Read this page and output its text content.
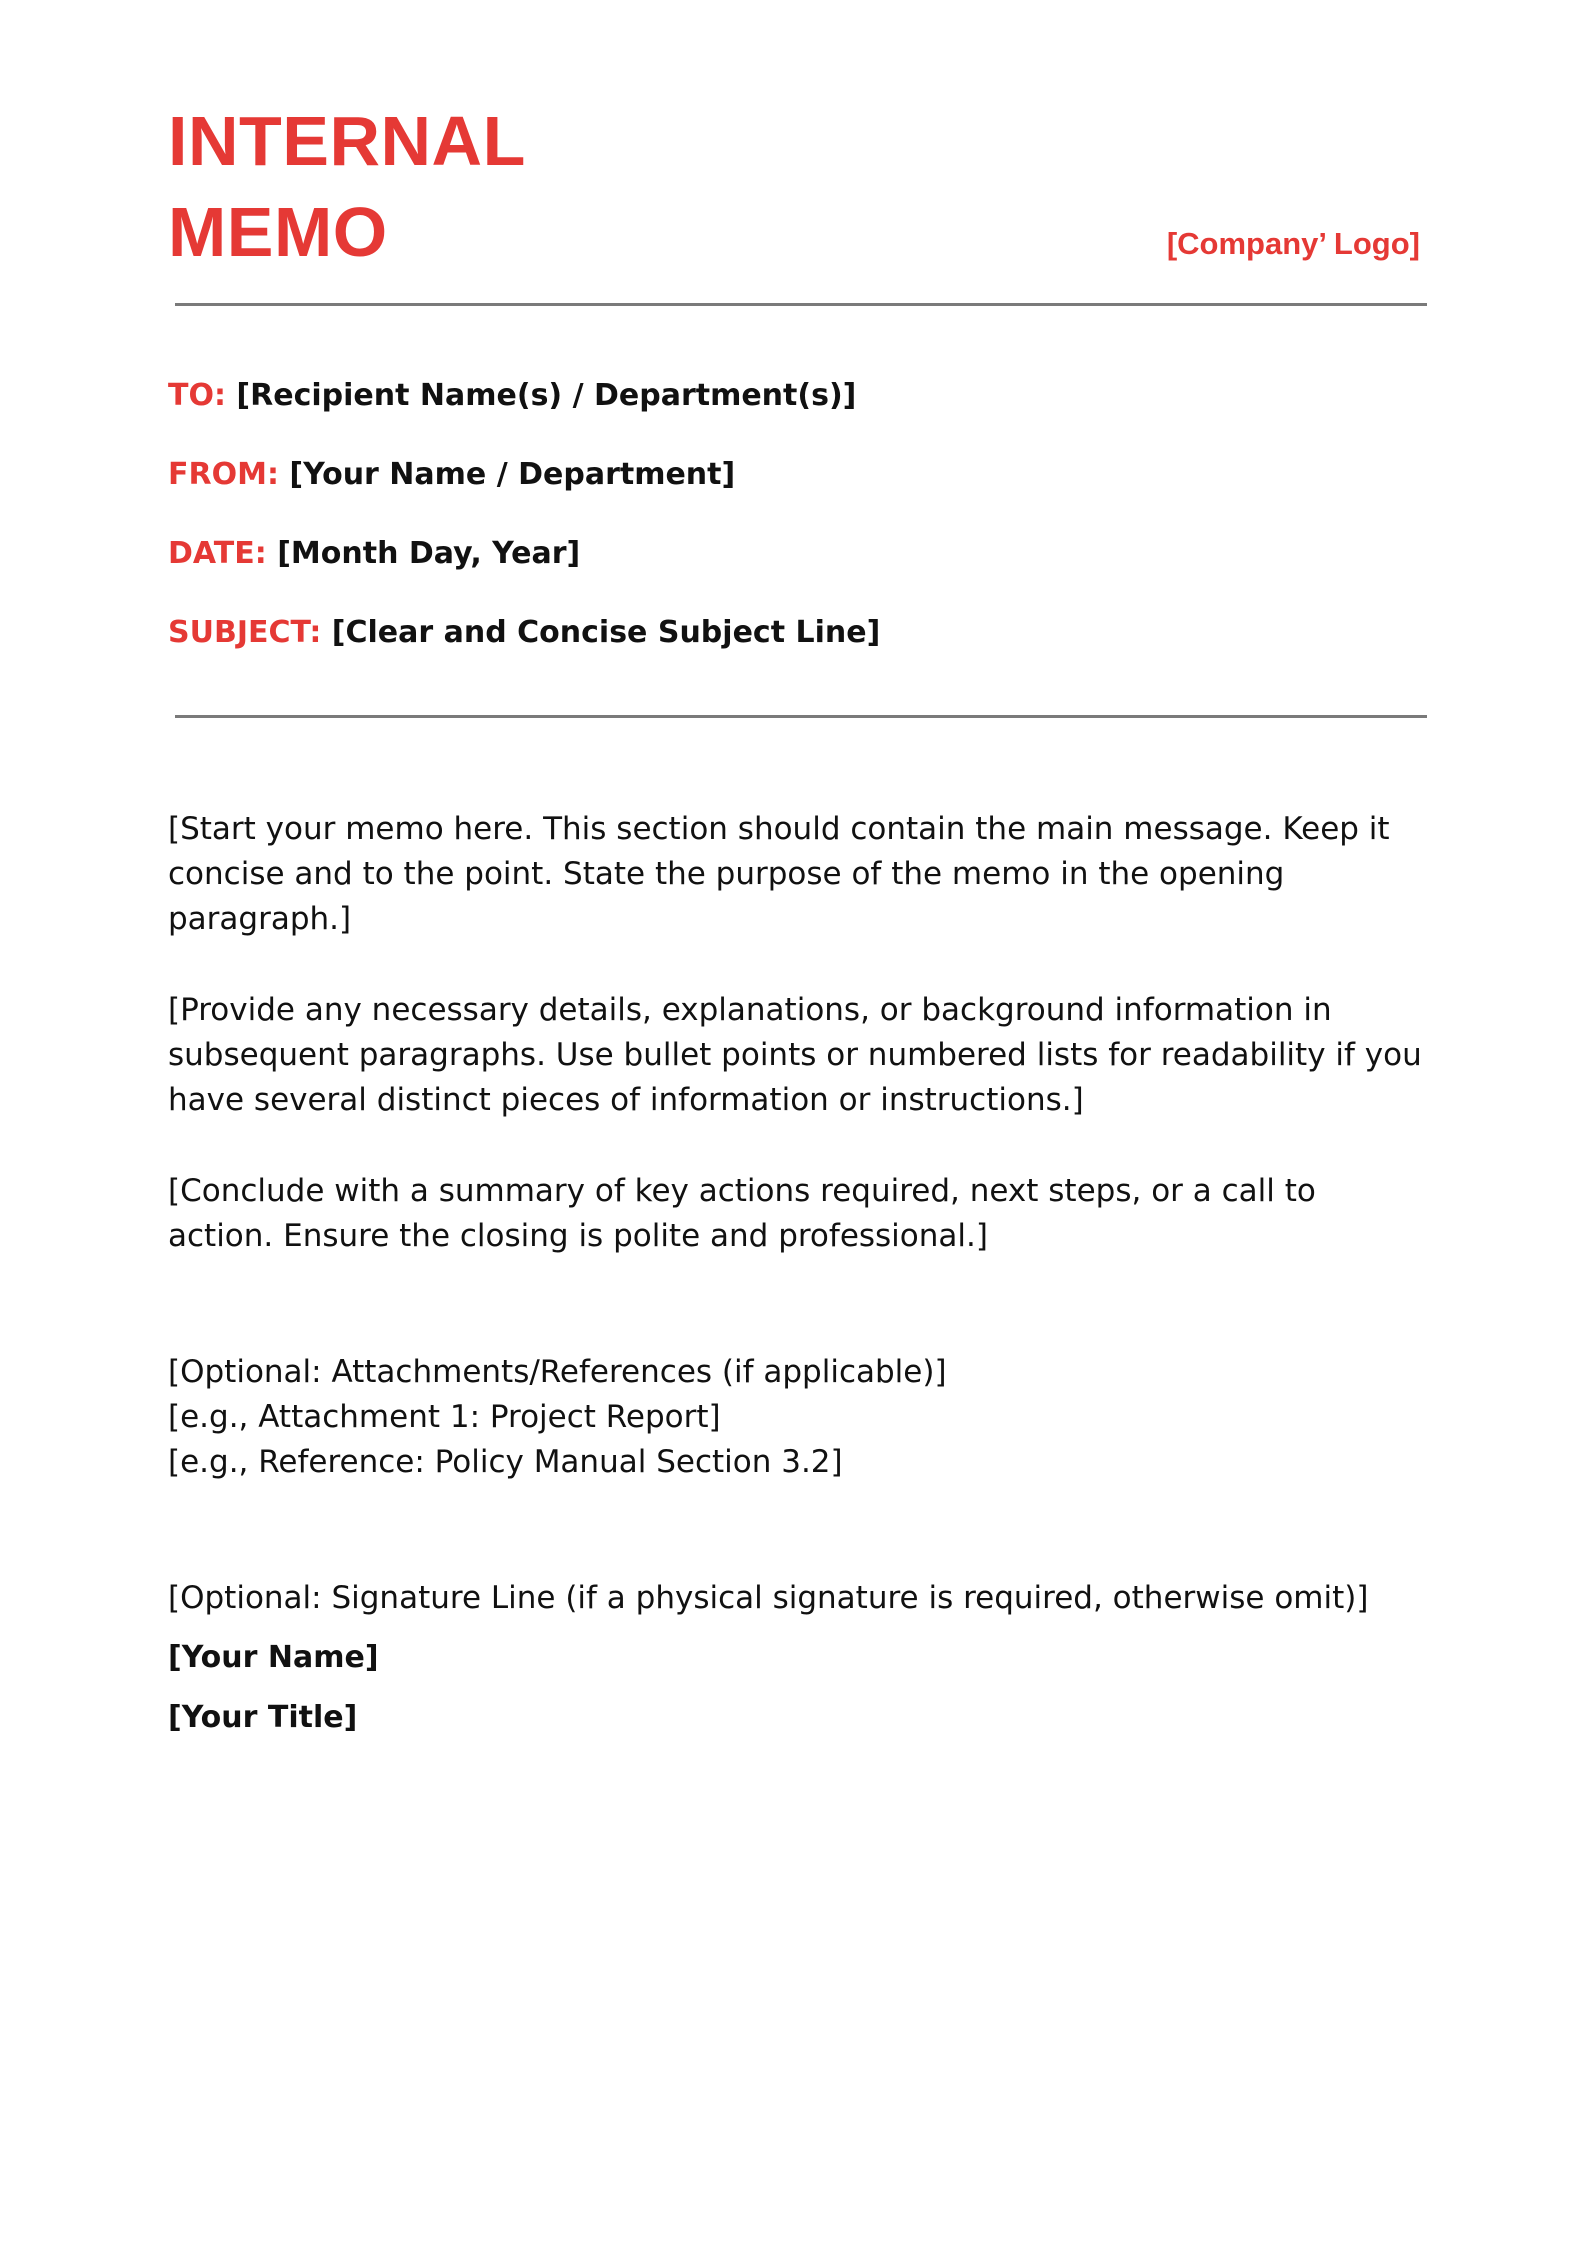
INTERNAL
MEMO	[Company’ Logo]
TO: [Recipient Name(s) / Department(s)]
FROM: [Your Name / Department]
DATE: [Month Day, Year]
SUBJECT: [Clear and Concise Subject Line]

[Start your memo here. This section should contain the main message. Keep it concise and to the point. State the purpose of the memo in the opening paragraph.]

[Provide any necessary details, explanations, or background information in subsequent paragraphs. Use bullet points or numbered lists for readability if you have several distinct pieces of information or instructions.]

[Conclude with a summary of key actions required, next steps, or a call to action. Ensure the closing is polite and professional.]

[Optional: Attachments/References (if applicable)]
[e.g., Attachment 1: Project Report]
[e.g., Reference: Policy Manual Section 3.2]
[Optional: Signature Line (if a physical signature is required, otherwise omit)]
[Your Name]
[Your Title]
